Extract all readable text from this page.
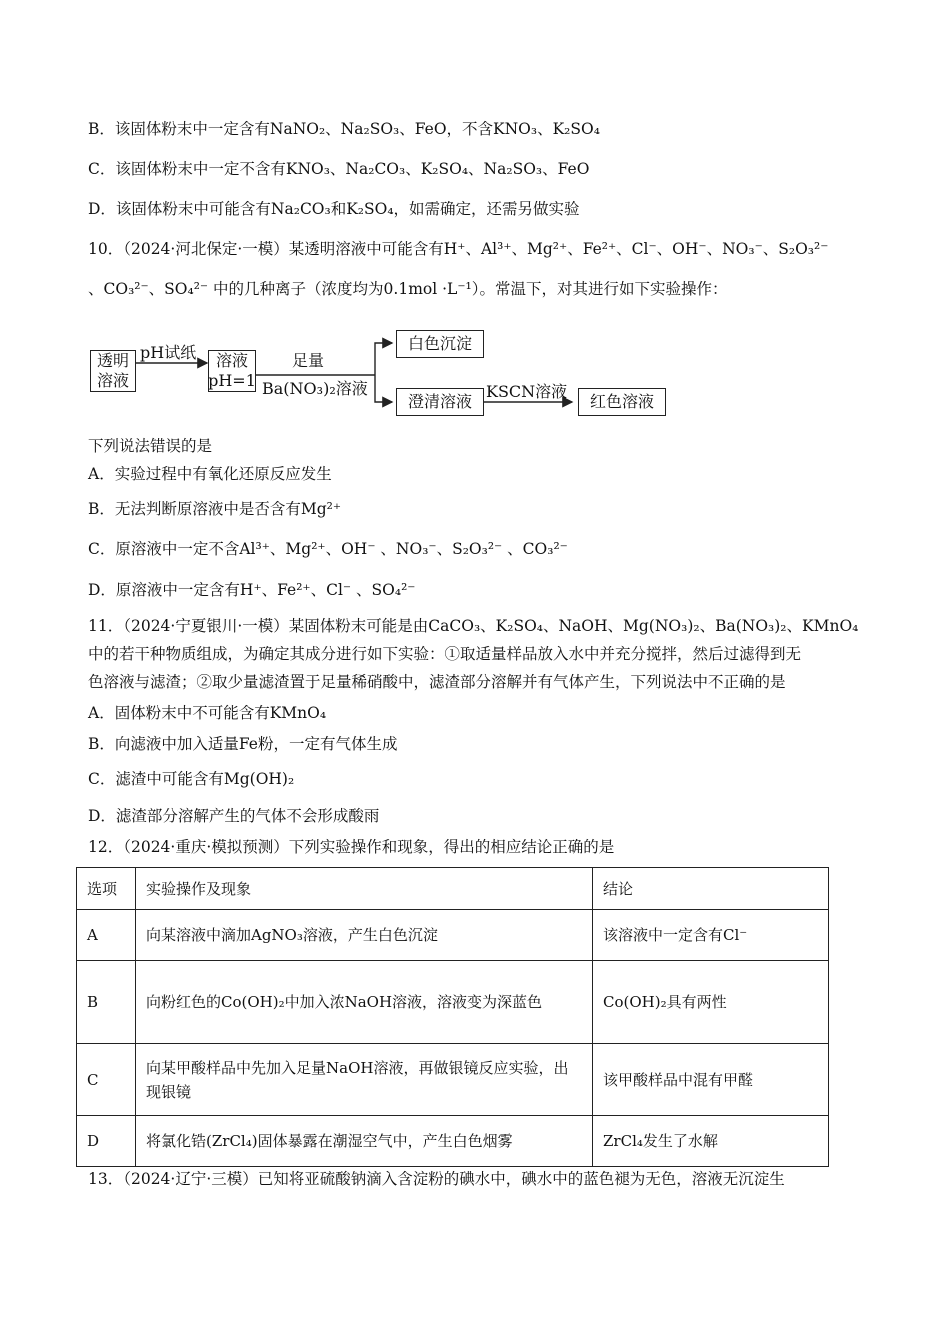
B．该固体粉末中一定含有NaNO₂、Na₂SO₃、FeO，不含KNO₃、K₂SO₄
C．该固体粉末中一定不含有KNO₃、Na₂CO₃、K₂SO₄、Na₂SO₃、FeO
D．该固体粉末中可能含有Na₂CO₃和K₂SO₄，如需确定，还需另做实验
10．（2024·河北保定·一模）某透明溶液中可能含有H⁺、Al³⁺、Mg²⁺、Fe²⁺、Cl⁻、OH⁻、NO₃⁻、S₂O₃²⁻
、CO₃²⁻、SO₄²⁻ 中的几种离子（浓度均为0.1mol ·L⁻¹）。常温下，对其进行如下实验操作：
透明溶液
pH试纸	溶液pH=1
足量
Ba(NO₃)₂溶液
白色沉淀
澄清溶液
KSCN溶液
红色溶液
下列说法错误的是
A．实验过程中有氧化还原反应发生
B．无法判断原溶液中是否含有Mg²⁺
C．原溶液中一定不含Al³⁺、Mg²⁺、OH⁻ 、NO₃⁻、S₂O₃²⁻ 、CO₃²⁻
D．原溶液中一定含有H⁺、Fe²⁺、Cl⁻ 、SO₄²⁻
11．（2024·宁夏银川·一模）某固体粉末可能是由CaCO₃、K₂SO₄、NaOH、Mg(NO₃)₂、Ba(NO₃)₂、KMnO₄
中的若干种物质组成，为确定其成分进行如下实验：①取适量样品放入水中并充分搅拌，然后过滤得到无
色溶液与滤渣；②取少量滤渣置于足量稀硝酸中，滤渣部分溶解并有气体产生，下列说法中不正确的是
A．固体粉末中不可能含有KMnO₄
B．向滤液中加入适量Fe粉，一定有气体生成
C．滤渣中可能含有Mg(OH)₂
D．滤渣部分溶解产生的气体不会形成酸雨
12．（2024·重庆·模拟预测）下列实验操作和现象，得出的相应结论正确的是
选项	实验操作及现象	结论
A	向某溶液中滴加AgNO₃溶液，产生白色沉淀	该溶液中一定含有Cl⁻
B	向粉红色的Co(OH)₂中加入浓NaOH溶液，溶液变为深蓝色	Co(OH)₂具有两性
C	向某甲酸样品中先加入足量NaOH溶液，再做银镜反应实验，出现银镜	该甲酸样品中混有甲醛
D	将氯化锆(ZrCl₄)固体暴露在潮湿空气中，产生白色烟雾	ZrCl₄发生了水解
13．（2024·辽宁·三模）已知将亚硫酸钠滴入含淀粉的碘水中，碘水中的蓝色褪为无色，溶液无沉淀生
